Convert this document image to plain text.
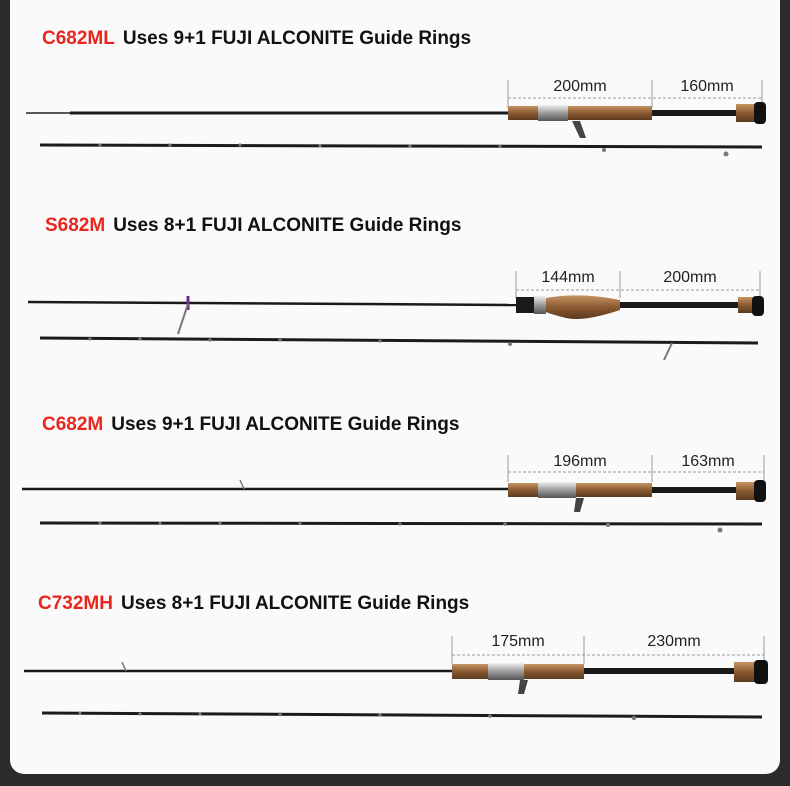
C682ML Uses 9+1 FUJI ALCONITE Guide Rings
200mm	160mm
S682M Uses 8+1 FUJI ALCONITE Guide Rings
144mm	200mm
C682M Uses 9+1 FUJI ALCONITE Guide Rings
196mm	163mm
C732MH Uses 8+1 FUJI ALCONITE Guide Rings
175mm	230mm
